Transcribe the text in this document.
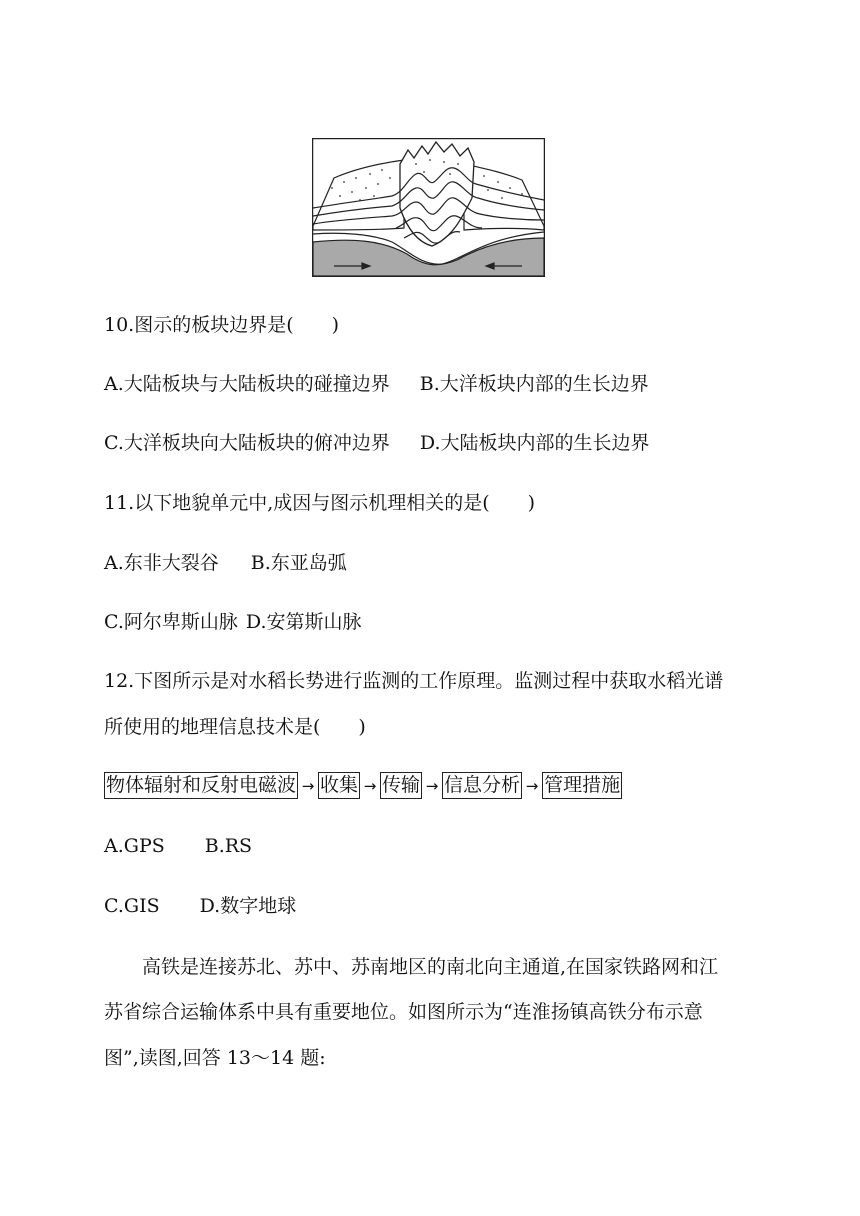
10.图示的板块边界是(　　)
A.大陆板块与大陆板块的碰撞边界 B.大洋板块内部的生长边界
C.大洋板块向大陆板块的俯冲边界 D.大陆板块内部的生长边界
11.以下地貌单元中,成因与图示机理相关的是(　　)
A.东非大裂谷 B.东亚岛弧
C.阿尔卑斯山脉 D.安第斯山脉
12.下图所示是对水稻长势进行监测的工作原理。监测过程中获取水稻光谱
所使用的地理信息技术是(　　)
物体辐射和反射电磁波 → 收集 → 传输 → 信息分析 → 管理措施
A.GPS B.RS
C.GIS D.数字地球
高铁是连接苏北、苏中、苏南地区的南北向主通道,在国家铁路网和江
苏省综合运输体系中具有重要地位。如图所示为“连淮扬镇高铁分布示意
图”,读图,回答 13～14 题:
